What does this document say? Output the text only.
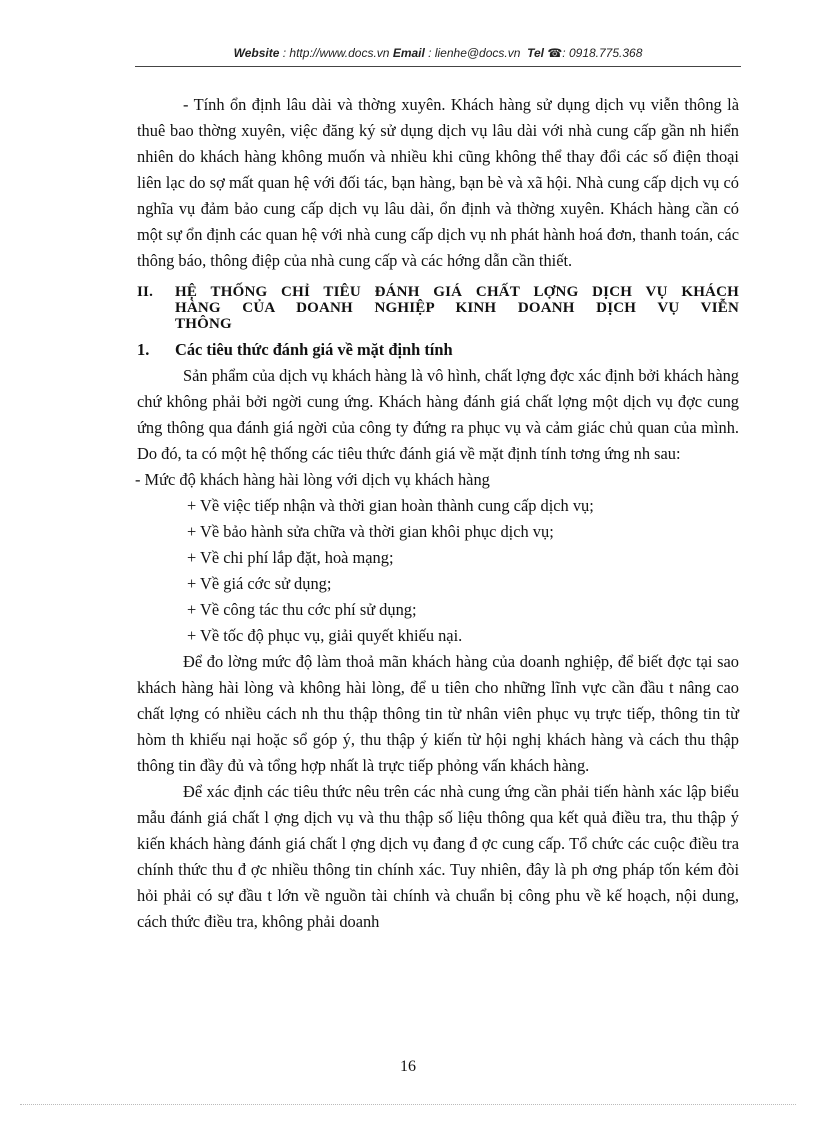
Website : http://www.docs.vn Email : lienhe@docs.vn Tel ☎: 0918.775.368

- Tính ổn định lâu dài và thờng xuyên. Khách hàng sử dụng dịch vụ viễn thông là thuê bao thờng xuyên, việc đăng ký sử dụng dịch vụ lâu dài với nhà cung cấp gần nh hiển nhiên do khách hàng không muốn và nhiều khi cũng không thể thay đổi các số điện thoại liên lạc do sợ mất quan hệ với đối tác, bạn hàng, bạn bè và xã hội. Nhà cung cấp dịch vụ có nghĩa vụ đảm bảo cung cấp dịch vụ lâu dài, ổn định và thờng xuyên. Khách hàng cần có một sự ổn định các quan hệ với nhà cung cấp dịch vụ nh phát hành hoá đơn, thanh toán, các thông báo, thông điệp của nhà cung cấp và các hớng dẫn cần thiết.

II.	HỆ THỐNG CHỈ TIÊU ĐÁNH GIÁ CHẤT LỢNG DỊCH VỤ KHÁCH
HÀNG CỦA DOANH NGHIỆP KINH DOANH DỊCH VỤ VIỄN
THÔNG
1.	Các tiêu thức đánh giá về mặt định tính

Sản phẩm của dịch vụ khách hàng là vô hình, chất lợng đợc xác định bởi khách hàng chứ không phải bởi ngời cung ứng. Khách hàng đánh giá chất lợng một dịch vụ đợc cung ứng thông qua đánh giá ngời của công ty đứng ra phục vụ và cảm giác chủ quan của mình. Do đó, ta có một hệ thống các tiêu thức đánh giá về mặt định tính tơng ứng nh sau:

- Mức độ khách hàng hài lòng với dịch vụ khách hàng

+ Về việc tiếp nhận và thời gian hoàn thành cung cấp dịch vụ;

+ Về bảo hành sửa chữa và thời gian khôi phục dịch vụ;

+ Về chi phí lắp đặt, hoà mạng;

+ Về giá cớc sử dụng;

+ Về công tác thu cớc phí sử dụng;

+ Về tốc độ phục vụ, giải quyết khiếu nại.

Để đo lờng mức độ làm thoả mãn khách hàng của doanh nghiệp, để biết đợc tại sao khách hàng hài lòng và không hài lòng, để u tiên cho những lĩnh vực cần đầu t nâng cao chất lợng có nhiều cách nh thu thập thông tin từ nhân viên phục vụ trực tiếp, thông tin từ hòm th khiếu nại hoặc sổ góp ý, thu thập ý kiến từ hội nghị khách hàng và cách thu thập thông tin đầy đủ và tổng hợp nhất là trực tiếp phỏng vấn khách hàng.

Để xác định các tiêu thức nêu trên các nhà cung ứng cần phải tiến hành xác lập biểu mẫu đánh giá chất l ợng dịch vụ và thu thập số liệu thông qua kết quả điều tra, thu thập ý kiến khách hàng đánh giá chất l ợng dịch vụ đang đ ợc cung cấp. Tổ chức các cuộc điều tra chính thức thu đ ợc nhiều thông tin chính xác. Tuy nhiên, đây là ph ơng pháp tốn kém đòi hỏi phải có sự đầu t lớn về nguồn tài chính và chuẩn bị công phu về kế hoạch, nội dung, cách thức điều tra, không phải doanh

16
